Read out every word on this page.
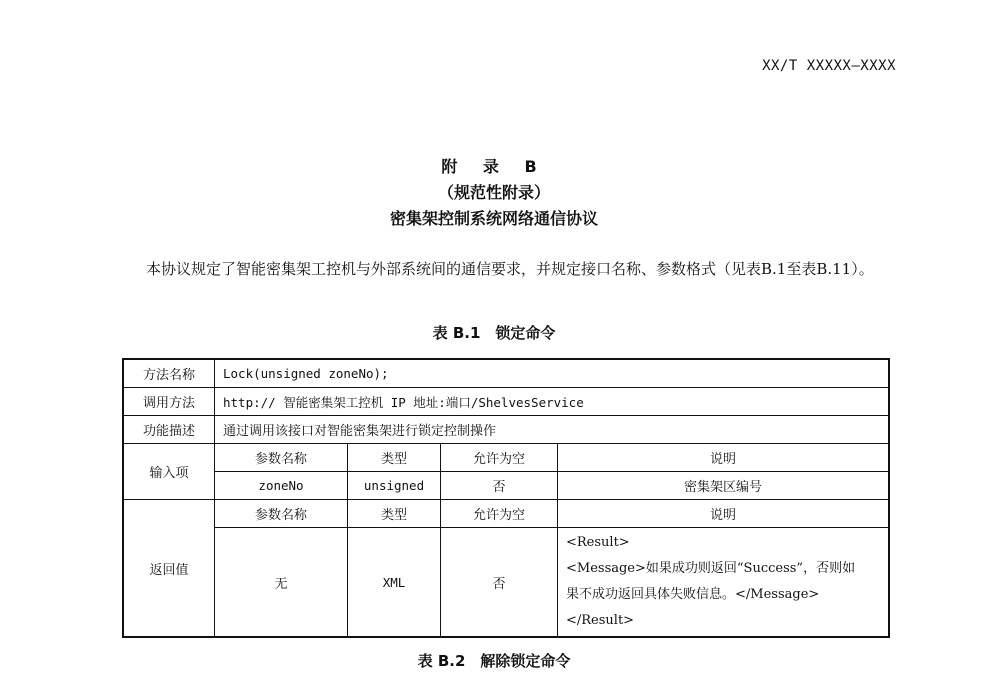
XX/T XXXXX—XXXX
附 录 B
（规范性附录）
密集架控制系统网络通信协议
本协议规定了智能密集架工控机与外部系统间的通信要求，并规定接口名称、参数格式（见表B.1至表B.11）。
表 B.1　锁定命令
方法名称	Lock(unsigned zoneNo);			
调用方法	http:// 智能密集架工控机 IP 地址:端口/ShelvesService			
功能描述	通过调用该接口对智能密集架进行锁定控制操作			
输入项	参数名称	类型	允许为空	说明
	zoneNo	unsigned	否	密集架区编号
返回值	参数名称	类型	允许为空	说明
	无	XML	否	<Result>
<Message>如果成功则返回“Success”，否则如
果不成功返回具体失败信息。</Message>
</Result>
表 B.2　解除锁定命令
